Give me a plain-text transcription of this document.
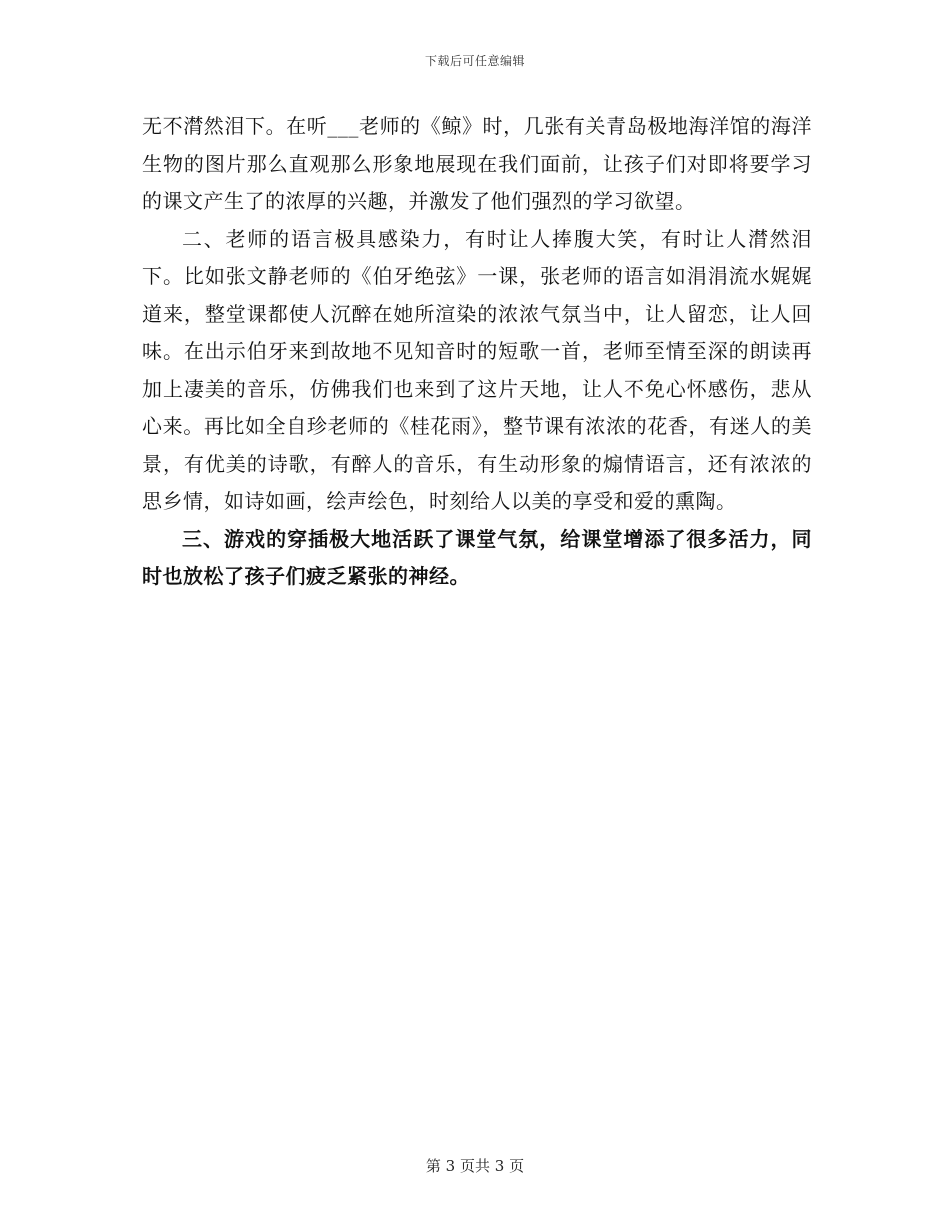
下载后可任意编辑

无不潸然泪下。在听___老师的《鲸》时，几张有关青岛极地海洋馆的海洋生物的图片那么直观那么形象地展现在我们面前，让孩子们对即将要学习的课文产生了的浓厚的兴趣，并激发了他们强烈的学习欲望。

二、老师的语言极具感染力，有时让人捧腹大笑，有时让人潸然泪下。比如张文静老师的《伯牙绝弦》一课，张老师的语言如涓涓流水娓娓道来，整堂课都使人沉醉在她所渲染的浓浓气氛当中，让人留恋，让人回味。在出示伯牙来到故地不见知音时的短歌一首，老师至情至深的朗读再加上凄美的音乐，仿佛我们也来到了这片天地，让人不免心怀感伤，悲从心来。再比如全自珍老师的《桂花雨》，整节课有浓浓的花香，有迷人的美景，有优美的诗歌，有醉人的音乐，有生动形象的煽情语言，还有浓浓的思乡情，如诗如画，绘声绘色，时刻给人以美的享受和爱的熏陶。

三、游戏的穿插极大地活跃了课堂气氛，给课堂增添了很多活力，同时也放松了孩子们疲乏紧张的神经。

第 3 页共 3 页
